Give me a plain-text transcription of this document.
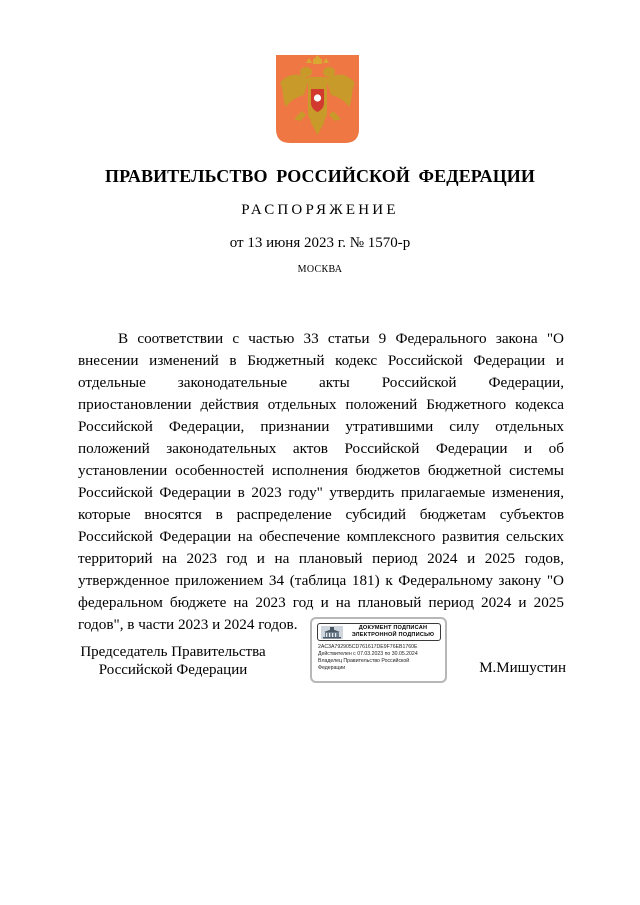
ПРАВИТЕЛЬСТВО РОССИЙСКОЙ ФЕДЕРАЦИИ
РАСПОРЯЖЕНИЕ
от 13 июня 2023 г. № 1570-р
МОСКВА

В соответствии с частью 33 статьи 9 Федерального закона "О внесении изменений в Бюджетный кодекс Российской Федерации и отдельные законодательные акты Российской Федерации, приостановлении действия отдельных положений Бюджетного кодекса Российской Федерации, признании утратившими силу отдельных положений законодательных актов Российской Федерации и об установлении особенностей исполнения бюджетов бюджетной системы Российской Федерации в 2023 году" утвердить прилагаемые изменения, которые вносятся в распределение субсидий бюджетам субъектов Российской Федерации на обеспечение комплексного развития сельских территорий на 2023 год и на плановый период 2024 и 2025 годов, утвержденное приложением 34 (таблица 181) к Федеральному закону "О федеральном бюджете на 2023 год и на плановый период 2024 и 2025 годов", в части 2023 и 2024 годов.

Председатель Правительства
Российской Федерации
ДОКУМЕНТ ПОДПИСАН
ЭЛЕКТРОННОЙ ПОДПИСЬЮ
2AC3A792905CD761617DE9F76EB1760E
Действителен с 07.03.2023 по 30.05.2024
Владелец Правительство Российской
Федерации	М.Мишустин
